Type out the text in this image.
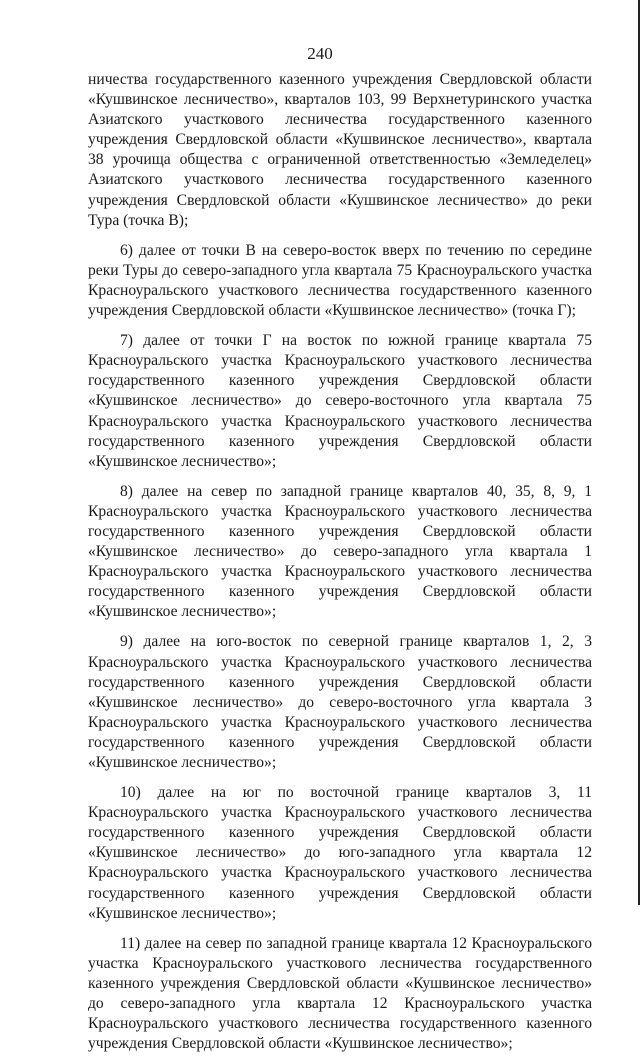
240

ничества государственного казенного учреждения Свердловской области «Кушвинское лесничество», кварталов 103, 99 Верхнетуринского участка Азиатского участкового лесничества государственного казенного учреждения Свердловской области «Кушвинское лесничество», квартала 38 урочища общества с ограниченной ответственностью «Земледелец» Азиатского участкового лесничества государственного казенного учреждения Свердловской области «Кушвинское лесничество» до реки Тура (точка В);

6) далее от точки В на северо-восток вверх по течению по середине реки Туры до северо-западного угла квартала 75 Красноуральского участка Красноуральского участкового лесничества государственного казенного учреждения Свердловской области «Кушвинское лесничество» (точка Г);

7) далее от точки Г на восток по южной границе квартала 75 Красноуральского участка Красноуральского участкового лесничества государственного казенного учреждения Свердловской области «Кушвинское лесничество» до северо-восточного угла квартала 75 Красноуральского участка Красноуральского участкового лесничества государственного казенного учреждения Свердловской области «Кушвинское лесничество»;

8) далее на север по западной границе кварталов 40, 35, 8, 9, 1 Красноуральского участка Красноуральского участкового лесничества государственного казенного учреждения Свердловской области «Кушвинское лесничество» до северо-западного угла квартала 1 Красноуральского участка Красноуральского участкового лесничества государственного казенного учреждения Свердловской области «Кушвинское лесничество»;

9) далее на юго-восток по северной границе кварталов 1, 2, 3 Красноуральского участка Красноуральского участкового лесничества государственного казенного учреждения Свердловской области «Кушвинское лесничество» до северо-восточного угла квартала 3 Красноуральского участка Красноуральского участкового лесничества государственного казенного учреждения Свердловской области «Кушвинское лесничество»;

10) далее на юг по восточной границе кварталов 3, 11 Красноуральского участка Красноуральского участкового лесничества государственного казенного учреждения Свердловской области «Кушвинское лесничество» до юго-западного угла квартала 12 Красноуральского участка Красноуральского участкового лесничества государственного казенного учреждения Свердловской области «Кушвинское лесничество»;

11) далее на север по западной границе квартала 12 Красноуральского участка Красноуральского участкового лесничества государственного казенного учреждения Свердловской области «Кушвинское лесничество» до северо-западного угла квартала 12 Красноуральского участка Красноуральского участкового лесничества государственного казенного учреждения Свердловской области «Кушвинское лесничество»;
